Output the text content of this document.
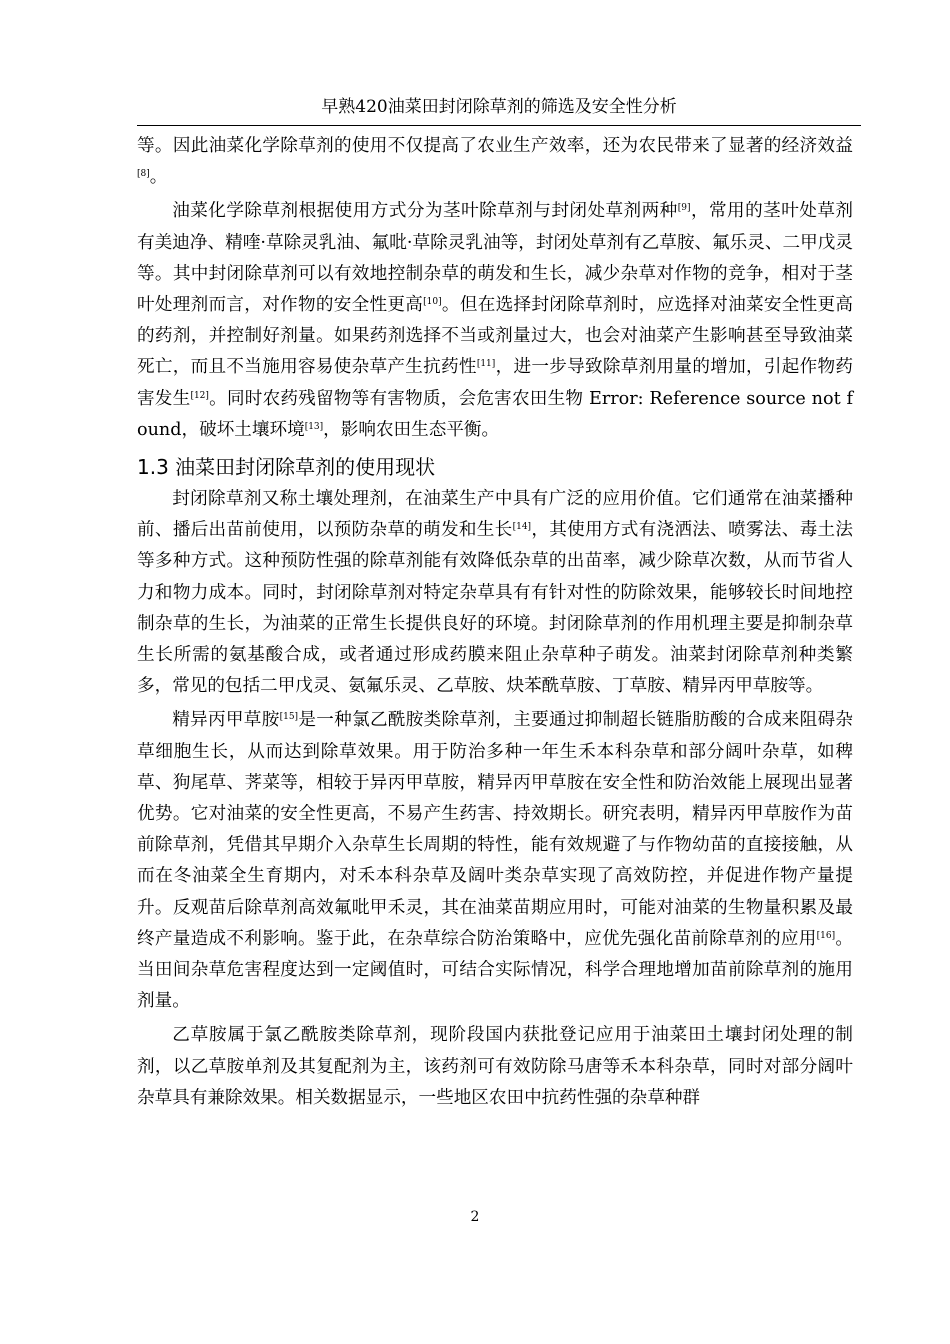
早熟420油菜田封闭除草剂的筛选及安全性分析

等。因此油菜化学除草剂的使用不仅提高了农业生产效率，还为农民带来了显著的经济效益[8]。

油菜化学除草剂根据使用方式分为茎叶除草剂与封闭处草剂两种[9]，常用的茎叶处草剂有美迪净、精喹·草除灵乳油、氟吡·草除灵乳油等，封闭处草剂有乙草胺、氟乐灵、二甲戊灵等。其中封闭除草剂可以有效地控制杂草的萌发和生长，减少杂草对作物的竞争，相对于茎叶处理剂而言，对作物的安全性更高[10]。但在选择封闭除草剂时，应选择对油菜安全性更高的药剂，并控制好剂量。如果药剂选择不当或剂量过大，也会对油菜产生影响甚至导致油菜死亡，而且不当施用容易使杂草产生抗药性[11]，进一步导致除草剂用量的增加，引起作物药害发生[12]。同时农药残留物等有害物质，会危害农田生物 Error: Reference source not found，破坏土壤环境[13]，影响农田生态平衡。

1.3 油菜田封闭除草剂的使用现状

封闭除草剂又称土壤处理剂，在油菜生产中具有广泛的应用价值。它们通常在油菜播种前、播后出苗前使用，以预防杂草的萌发和生长[14]，其使用方式有浇洒法、喷雾法、毒土法等多种方式。这种预防性强的除草剂能有效降低杂草的出苗率，减少除草次数，从而节省人力和物力成本。同时，封闭除草剂对特定杂草具有有针对性的防除效果，能够较长时间地控制杂草的生长，为油菜的正常生长提供良好的环境。封闭除草剂的作用机理主要是抑制杂草生长所需的氨基酸合成，或者通过形成药膜来阻止杂草种子萌发。油菜封闭除草剂种类繁多，常见的包括二甲戊灵、氨氟乐灵、乙草胺、炔苯酰草胺、丁草胺、精异丙甲草胺等。

精异丙甲草胺[15]是一种氯乙酰胺类除草剂，主要通过抑制超长链脂肪酸的合成来阻碍杂草细胞生长，从而达到除草效果。用于防治多种一年生禾本科杂草和部分阔叶杂草，如稗草、狗尾草、荠菜等，相较于异丙甲草胺，精异丙甲草胺在安全性和防治效能上展现出显著优势。它对油菜的安全性更高，不易产生药害、持效期长。研究表明，精异丙甲草胺作为苗前除草剂，凭借其早期介入杂草生长周期的特性，能有效规避了与作物幼苗的直接接触，从而在冬油菜全生育期内，对禾本科杂草及阔叶类杂草实现了高效防控，并促进作物产量提升。反观苗后除草剂高效氟吡甲禾灵，其在油菜苗期应用时，可能对油菜的生物量积累及最终产量造成不利影响。鉴于此，在杂草综合防治策略中，应优先强化苗前除草剂的应用[16]。当田间杂草危害程度达到一定阈值时，可结合实际情况，科学合理地增加苗前除草剂的施用剂量。

乙草胺属于氯乙酰胺类除草剂，现阶段国内获批登记应用于油菜田土壤封闭处理的制剂，以乙草胺单剂及其复配剂为主，该药剂可有效防除马唐等禾本科杂草，同时对部分阔叶杂草具有兼除效果。相关数据显示，一些地区农田中抗药性强的杂草种群

2
